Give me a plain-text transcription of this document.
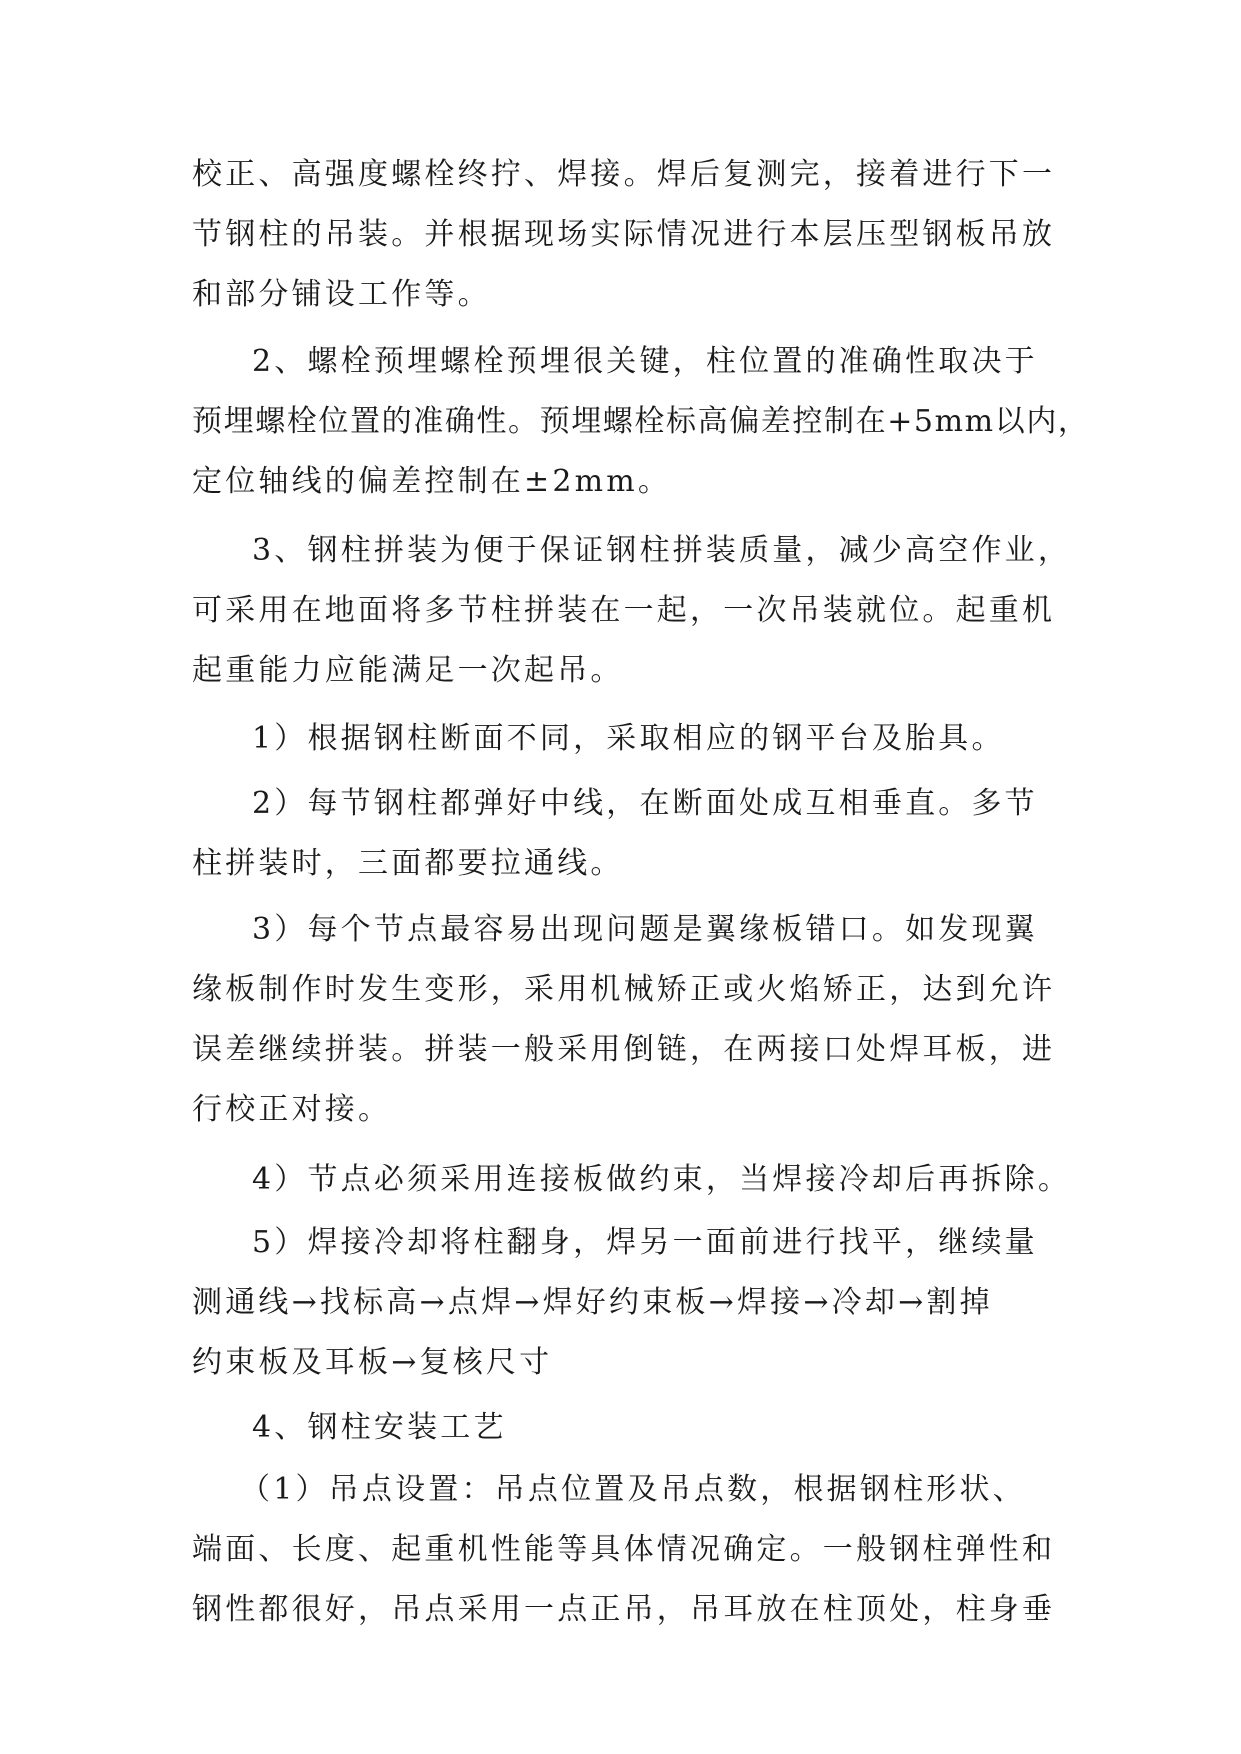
校正、高强度螺栓终拧、焊接。焊后复测完，接着进行下一
节钢柱的吊装。并根据现场实际情况进行本层压型钢板吊放
和部分铺设工作等。
2、螺栓预埋螺栓预埋很关键，柱位置的准确性取决于
预埋螺栓位置的准确性。预埋螺栓标高偏差控制在+5mm以内，
定位轴线的偏差控制在±2mm。
3、钢柱拼装为便于保证钢柱拼装质量，减少高空作业，
可采用在地面将多节柱拼装在一起，一次吊装就位。起重机
起重能力应能满足一次起吊。
1）根据钢柱断面不同，采取相应的钢平台及胎具。
2）每节钢柱都弹好中线，在断面处成互相垂直。多节
柱拼装时，三面都要拉通线。
3）每个节点最容易出现问题是翼缘板错口。如发现翼
缘板制作时发生变形，采用机械矫正或火焰矫正，达到允许
误差继续拼装。拼装一般采用倒链，在两接口处焊耳板，进
行校正对接。
4）节点必须采用连接板做约束，当焊接冷却后再拆除。
5）焊接冷却将柱翻身，焊另一面前进行找平，继续量
测通线→找标高→点焊→焊好约束板→焊接→冷却→割掉
约束板及耳板→复核尺寸
4、钢柱安装工艺
（1）吊点设置：吊点位置及吊点数，根据钢柱形状、
端面、长度、起重机性能等具体情况确定。一般钢柱弹性和
钢性都很好，吊点采用一点正吊，吊耳放在柱顶处，柱身垂
